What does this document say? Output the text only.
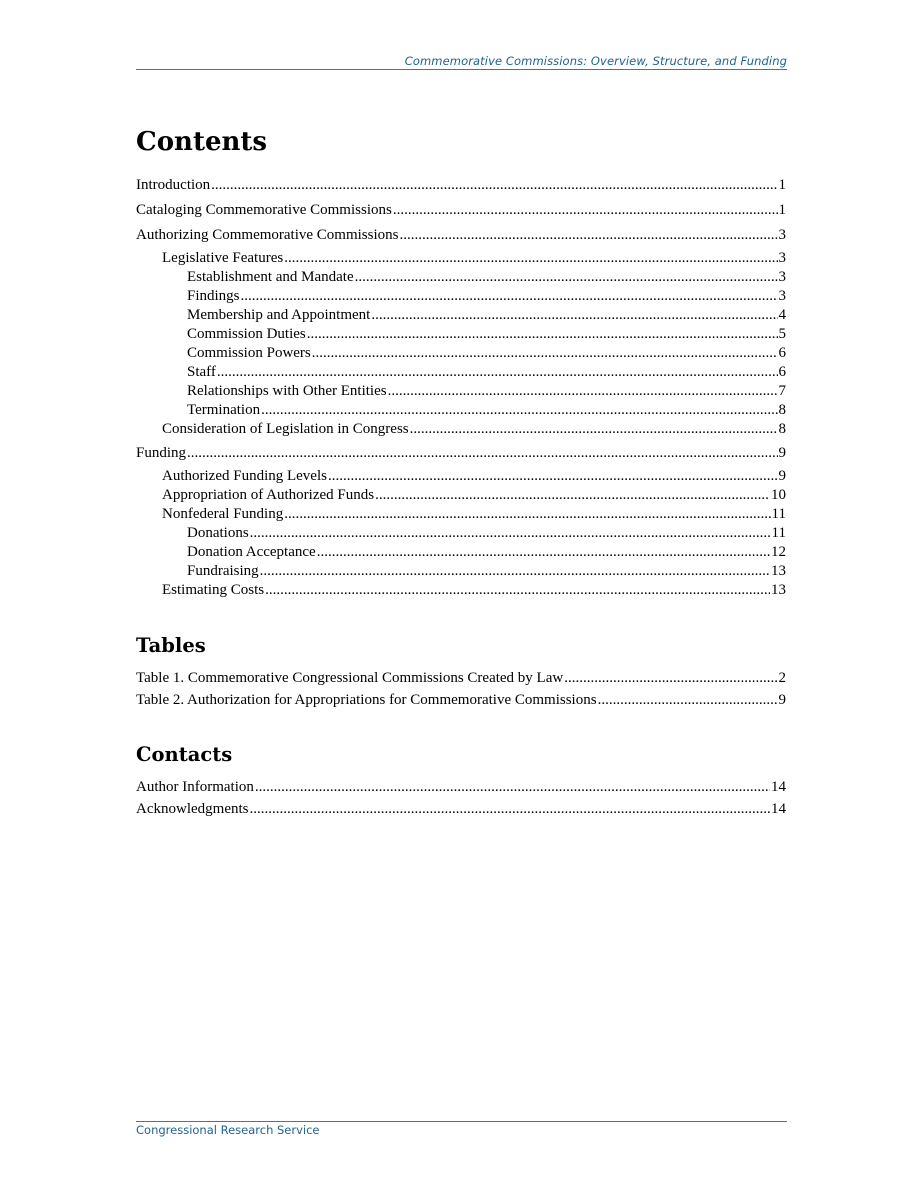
Commemorative Commissions: Overview, Structure, and Funding
Contents
Introduction .....	1
Cataloging Commemorative Commissions .....	1
Authorizing Commemorative Commissions .....	3
Legislative Features .....	3
Establishment and Mandate .....	3
Findings .....	3
Membership and Appointment .....	4
Commission Duties .....	5
Commission Powers .....	6
Staff .....	6
Relationships with Other Entities .....	7
Termination .....	8
Consideration of Legislation in Congress .....	8
Funding .....	9
Authorized Funding Levels .....	9
Appropriation of Authorized Funds .....	10
Nonfederal Funding .....	11
Donations .....	11
Donation Acceptance .....	12
Fundraising .....	13
Estimating Costs .....	13
Tables
Table 1. Commemorative Congressional Commissions Created by Law .....	2
Table 2. Authorization for Appropriations for Commemorative Commissions .....	9
Contacts
Author Information .....	14
Acknowledgments .....	14
Congressional Research Service
